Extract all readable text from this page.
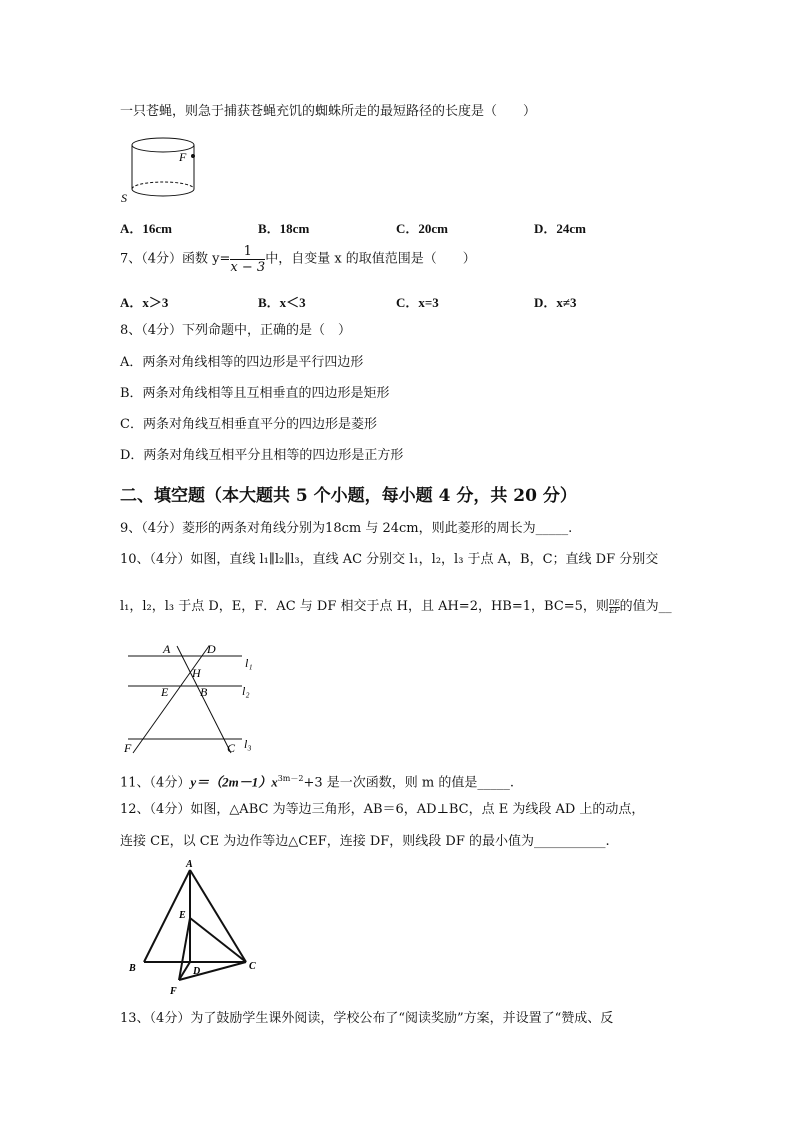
一只苍蝇，则急于捕获苍蝇充饥的蜘蛛所走的最短路径的长度是（　　）
F
S
A．16cm	B．18cm	C．20cm	D．24cm
7、（4分）函数 $y= \frac{1}{x - 3}$ 中，自变量 x 的取值范围是（　　）
A．x＞3	B．x＜3	C．x=3	D．x≠3
8、（4分）下列命题中，正确的是（　）
A．两条对角线相等的四边形是平行四边形
B．两条对角线相等且互相垂直的四边形是矩形
C．两条对角线互相垂直平分的四边形是菱形
D．两条对角线互相平分且相等的四边形是正方形
二、填空题（本大题共 5 个小题，每小题 4 分，共 20 分）
9、（4分）菱形的两条对角线分别为18cm 与 24cm，则此菱形的周长为_____.
10、（4分）如图，直线 l₁∥l₂∥l₃，直线 AC 分别交 l₁，l₂，l₃ 于点 A，B，C；直线 DF 分别交
l₁，l₂，l₃ 于点 D，E，F．AC 与 DF 相交于点 H，且 AH=2，HB=1，BC=5，则 $\frac{DE}{EF}$的值为__
A	D
H
E	B
F	C
l₁
l₂
l₃
11、（4分）$y=(2m-1)x^{3m-2}+3$ 是一次函数，则 m 的值是_____.
12、（4分）如图，△ABC 为等边三角形，AB＝6，AD⊥BC，点 E 为线段 AD 上的动点，
连接 CE，以 CE 为边作等边△CEF，连接 DF，则线段 DF 的最小值为___________.
A
B	C
D
E
F
13、（4分）为了鼓励学生课外阅读，学校公布了“阅读奖励”方案，并设置了“赞成、反
